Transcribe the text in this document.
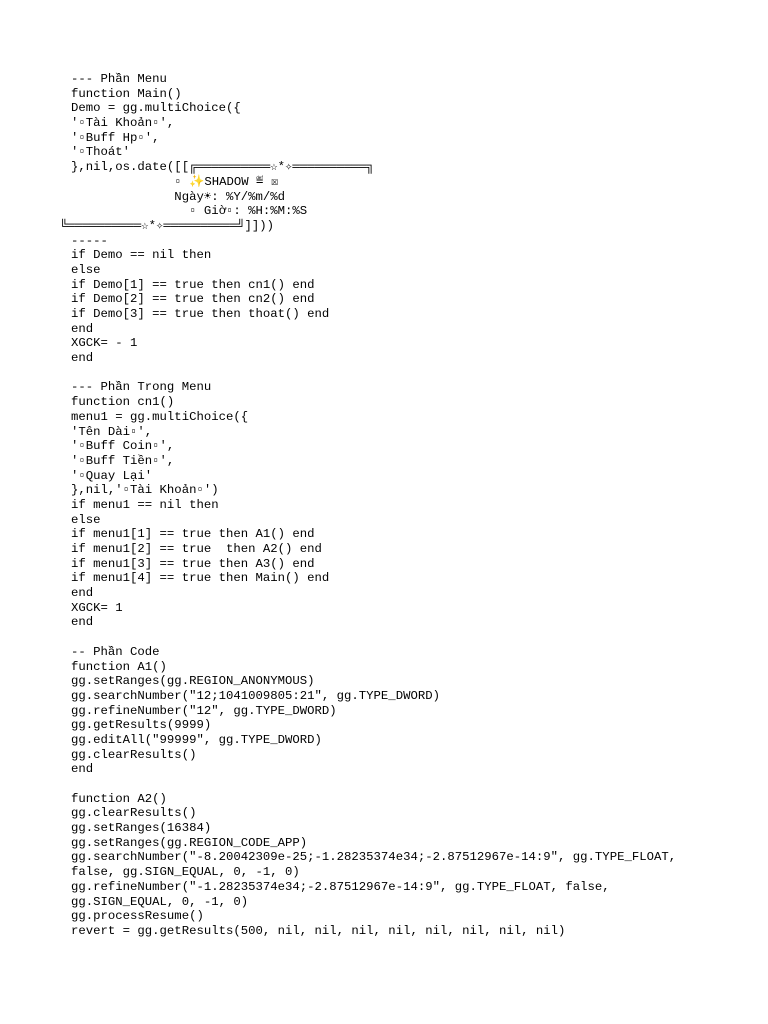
--- Phần Menu
function Main()
Demo = gg.multiChoice({
'▫Tài Khoản▫',
'▫Buff Hp▫',
'▫Thoát'
},nil,os.date([[╔══════════☆*✧══════════╗
▫ ✨SHADOW ≝ ☒
Ngày☀: %Y/%m/%d
▫ Giờ▫: %H:%M:%S
╚══════════☆*✧══════════╝]]))
-----
if Demo == nil then
else
if Demo[1] == true then cn1() end
if Demo[2] == true then cn2() end
if Demo[3] == true then thoat() end
end
XGCK= - 1
end
--- Phần Trong Menu
function cn1()
menu1 = gg.multiChoice({
'Tên Dài▫',
'▫Buff Coin▫',
'▫Buff Tiền▫',
'▫Quay Lại'
},nil,'▫Tài Khoản▫')
if menu1 == nil then
else
if menu1[1] == true then A1() end
if menu1[2] == true  then A2() end
if menu1[3] == true then A3() end
if menu1[4] == true then Main() end
end
XGCK= 1
end
-- Phần Code
function A1()
gg.setRanges(gg.REGION_ANONYMOUS)
gg.searchNumber("12;1041009805:21", gg.TYPE_DWORD)
gg.refineNumber("12", gg.TYPE_DWORD)
gg.getResults(9999)
gg.editAll("99999", gg.TYPE_DWORD)
gg.clearResults()
end
function A2()
gg.clearResults()
gg.setRanges(16384)
gg.setRanges(gg.REGION_CODE_APP)
gg.searchNumber("-8.20042309e-25;-1.28235374e34;-2.87512967e-14:9", gg.TYPE_FLOAT,
false, gg.SIGN_EQUAL, 0, -1, 0)
gg.refineNumber("-1.28235374e34;-2.87512967e-14:9", gg.TYPE_FLOAT, false,
gg.SIGN_EQUAL, 0, -1, 0)
gg.processResume()
revert = gg.getResults(500, nil, nil, nil, nil, nil, nil, nil, nil)
